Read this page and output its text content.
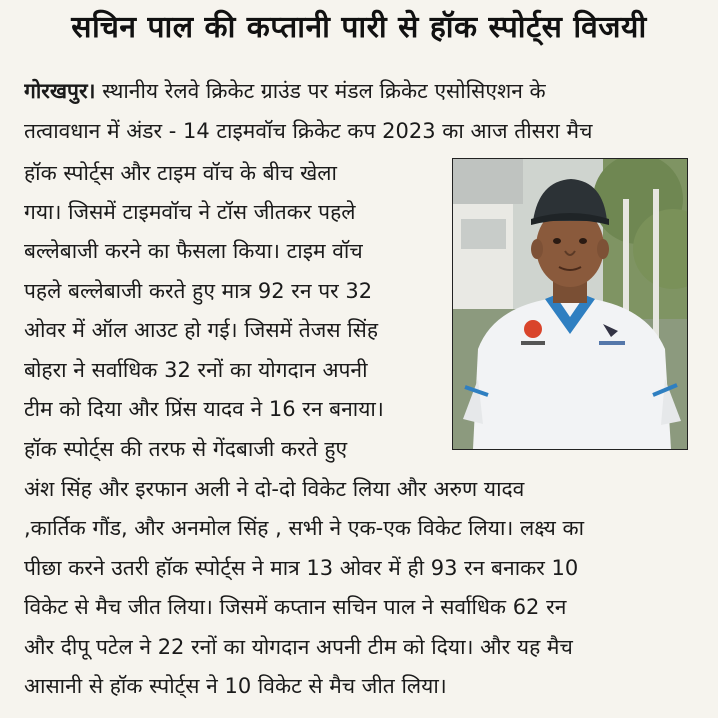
सचिन पाल की कप्तानी पारी से हॉक स्पोर्ट्स विजयी
गोरखपुर। स्थानीय रेलवे क्रिकेट ग्राउंड पर मंडल क्रिकेट एसोसिएशन के
तत्वावधान में अंडर - 14 टाइमवॉच क्रिकेट कप 2023 का आज तीसरा मैच
हॉक स्पोर्ट्स और टाइम वॉच के बीच खेला
गया। जिसमें टाइमवॉच ने टॉस जीतकर पहले
बल्लेबाजी करने का फैसला किया। टाइम वॉच
पहले बल्लेबाजी करते हुए मात्र 92 रन पर 32
ओवर में ऑल आउट हो गई। जिसमें तेजस सिंह
बोहरा ने सर्वाधिक 32 रनों का योगदान अपनी
टीम को दिया और प्रिंस यादव ने 16 रन बनाया।
हॉक स्पोर्ट्स की तरफ से गेंदबाजी करते हुए
अंश सिंह और इरफान अली ने दो-दो विकेट लिया और अरुण यादव
,कार्तिक गौंड, और अनमोल सिंह , सभी ने एक-एक विकेट लिया। लक्ष्य का
पीछा करने उतरी हॉक स्पोर्ट्स ने मात्र 13 ओवर में ही 93 रन बनाकर 10
विकेट से मैच जीत लिया। जिसमें कप्तान सचिन पाल ने सर्वाधिक 62 रन
और दीपू पटेल ने 22 रनों का योगदान अपनी टीम को दिया। और यह मैच
आसानी से हॉक स्पोर्ट्स ने 10 विकेट से मैच जीत लिया।
